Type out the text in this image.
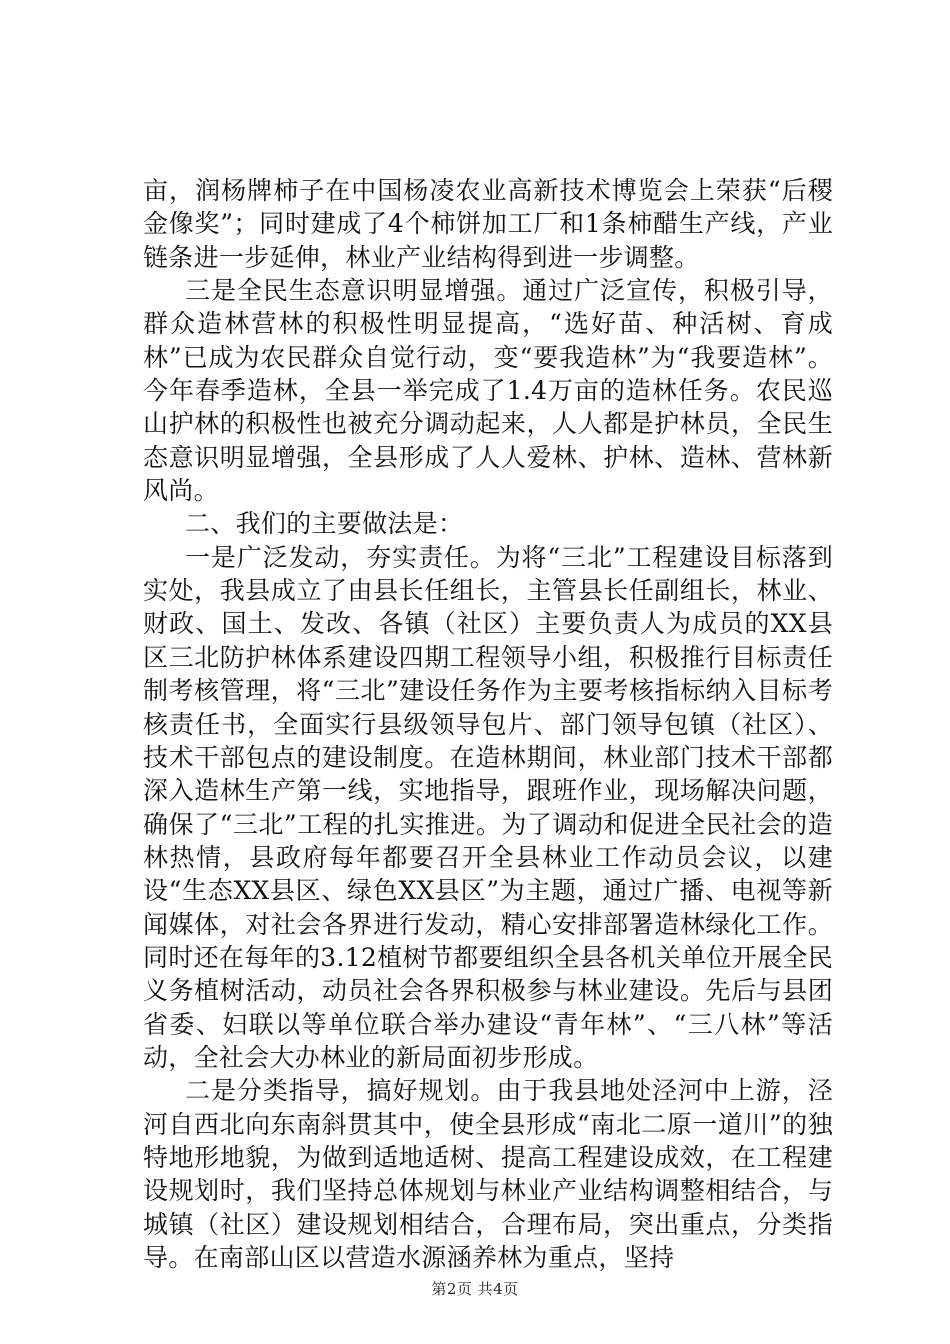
亩，润杨牌柿子在中国杨凌农业高新技术博览会上荣获“后稷金像奖”；同时建成了4个柿饼加工厂和1条柿醋生产线，产业链条进一步延伸，林业产业结构得到进一步调整。

三是全民生态意识明显增强。通过广泛宣传，积极引导，群众造林营林的积极性明显提高，“选好苗、种活树、育成林”已成为农民群众自觉行动，变“要我造林”为“我要造林”。今年春季造林，全县一举完成了1.4万亩的造林任务。农民巡山护林的积极性也被充分调动起来，人人都是护林员，全民生态意识明显增强，全县形成了人人爱林、护林、造林、营林新风尚。

二、我们的主要做法是：

一是广泛发动，夯实责任。为将“三北”工程建设目标落到实处，我县成立了由县长任组长，主管县长任副组长，林业、财政、国土、发改、各镇（社区）主要负责人为成员的XX县区三北防护林体系建设四期工程领导小组，积极推行目标责任制考核管理，将“三北”建设任务作为主要考核指标纳入目标考核责任书，全面实行县级领导包片、部门领导包镇（社区）、技术干部包点的建设制度。在造林期间，林业部门技术干部都深入造林生产第一线，实地指导，跟班作业，现场解决问题，确保了“三北”工程的扎实推进。为了调动和促进全民社会的造林热情，县政府每年都要召开全县林业工作动员会议，以建设“生态XX县区、绿色XX县区”为主题，通过广播、电视等新闻媒体，对社会各界进行发动，精心安排部署造林绿化工作。同时还在每年的3.12植树节都要组织全县各机关单位开展全民义务植树活动，动员社会各界积极参与林业建设。先后与县团省委、妇联以等单位联合举办建设“青年林”、“三八林”等活动，全社会大办林业的新局面初步形成。

二是分类指导，搞好规划。由于我县地处泾河中上游，泾河自西北向东南斜贯其中，使全县形成“南北二原一道川”的独特地形地貌，为做到适地适树、提高工程建设成效，在工程建设规划时，我们坚持总体规划与林业产业结构调整相结合，与城镇（社区）建设规划相结合，合理布局，突出重点，分类指导。在南部山区以营造水源涵养林为重点，坚持

第2页 共4页
